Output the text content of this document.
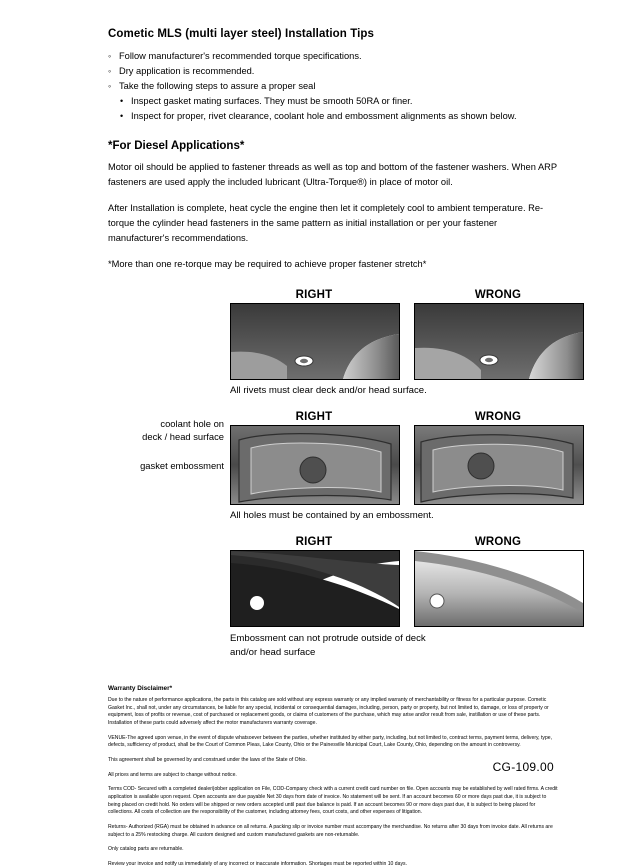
Cometic MLS (multi layer steel) Installation Tips
◦ Follow manufacturer's recommended torque specifications.
◦ Dry application is recommended.
◦ Take the following steps to assure a proper seal
• Inspect gasket mating surfaces. They must be smooth 50RA or finer.
• Inspect for proper, rivet clearance, coolant hole and embossment alignments as shown below.
*For Diesel Applications*

Motor oil should be applied to fastener threads as well as top and bottom of the fastener washers. When ARP fasteners are used apply the included lubricant (Ultra-Torque®) in place of motor oil.

After Installation is complete, heat cycle the engine then let it completely cool to ambient temperature. Re-torque the cylinder head fasteners in the same pattern as initial installation or per your fastener manufacturer's recommendations.

*More than one re-torque may be required to achieve proper fastener stretch*

coolant hole on
deck / head surface
gasket embossment
RIGHT	WRONG
All rivets must clear deck and/or head surface.
RIGHT	WRONG
All holes must be contained by an embossment.
RIGHT	WRONG
Embossment can not protrude outside of deck
and/or head surface
Warranty Disclaimer*

Due to the nature of performance applications, the parts in this catalog are sold without any express warranty or any implied warranty of merchantability or fitness for a particular purpose. Cometic Gasket Inc., shall not, under any circumstances, be liable for any special, incidental or consequential damages, including, person, party or property, but not limited to, damage, or loss of property or equipment, loss of profits or revenue, cost of purchased or replacement goods, or claims of customers of the purchase, which may arise and/or result from sale, instillation or use of these parts. Installation of these parts could adversely affect the motor manufacturers warranty coverage.

VENUE-The agreed upon venue, in the event of dispute whatsoever between the parties, whether instituted by either party, including, but not limited to, contract terms, payment terms, delivery, type, defects, sufficiency of product, shall be the Court of Common Pleas, Lake County, Ohio or the Painesville Municipal Court, Lake County, Ohio, depending on the amount in controversy.

This agreement shall be governed by and construed under the laws of the State of Ohio.

All prices and terms are subject to change without notice.

Terms COD- Secured with a completed dealer/jobber application on File, COD-Company check with a current credit card number on file. Open accounts may be established by well rated firms. A credit application is available upon request. Open accounts are due payable Net 30 days from date of invoice. No statement will be sent. If an account becomes 60 or more days past due, it is subject to being placed on credit hold. No orders will be shipped or new orders accepted until past due balance is paid. If an account becomes 90 or more days past due, it is subject to being placed for collections. All costs of collection are the responsibility of the customer, including attorney fees, court costs, and other expenses of litigation.

Returns- Authorized (RGA) must be obtained in advance on all returns. A packing slip or invoice number must accompany the merchandise. No returns after 30 days from invoice date. All returns are subject to a 25% restocking charge. All custom designed and custom manufactured gaskets are non-returnable.

Only catalog parts are returnable.

Review your invoice and notify us immediately of any incorrect or inaccurate information. Shortages must be reported within 10 days.

CG-109.00
